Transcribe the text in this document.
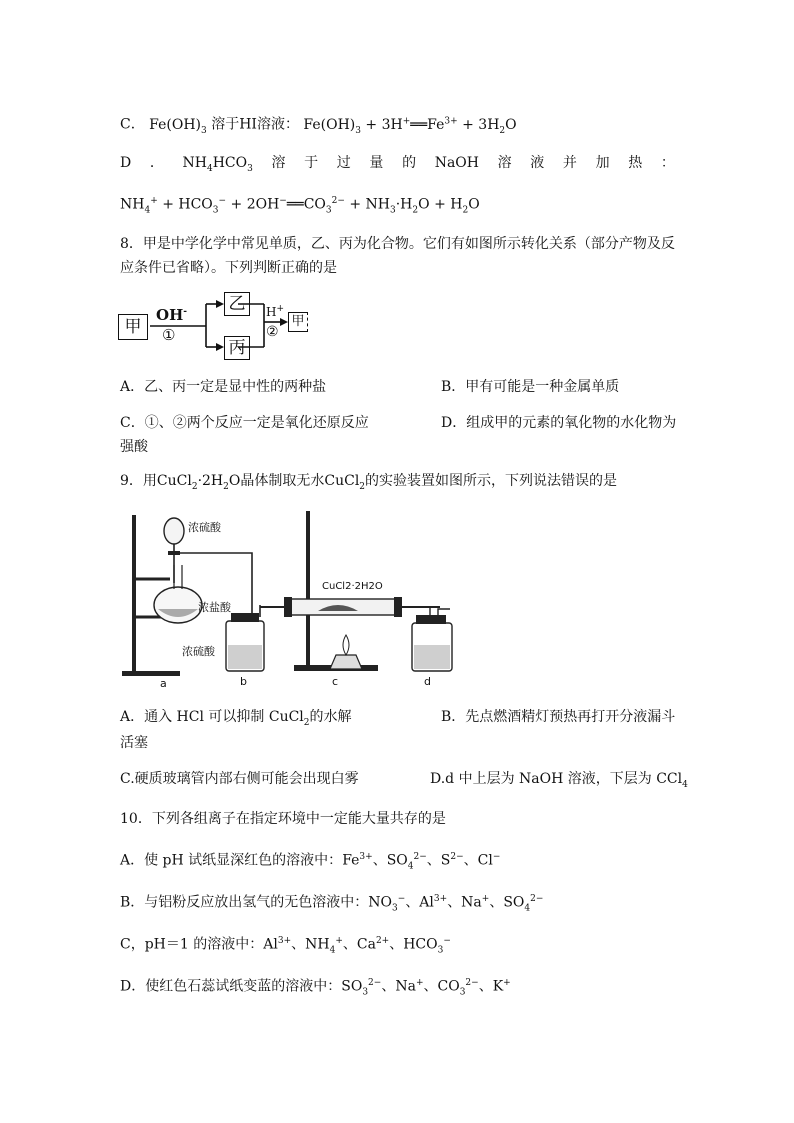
C． $Fe(OH)_3$ 溶于HI溶液： $Fe(OH)_3$ + $3H^+══Fe^{3+} + 3H_2O$
D ． $NH_4HCO_3$ 溶 于 过 量 的 NaOH 溶 液 并 加 热 ：
$NH_4^+ + HCO_3^-$ + $2OH^-══CO_3^{2-} + NH_3\cdot H_2O + H_2O$
8．甲是中学化学中常见单质，乙、丙为化合物。它们有如图所示转化关系（部分产物及反应条件已省略）。下列判断正确的是
甲
乙
丙
甲
OH-
①
H+
②
A．乙、丙一定是显中性的两种盐	B．甲有可能是一种金属单质
C．①、②两个反应一定是氧化还原反应	D．组成甲的元素的氧化物的水化物为
强酸
9．用$CuCl_2\cdot 2H_2O$晶体制取无水CuCl$_2$的实验装置如图所示，下列说法错误的是
浓硫酸
浓盐酸
浓硫酸
CuCl2·2H2O
a	b	c	d
A．通入 HCl 可以抑制 CuCl$_2$的水解	B．先点燃酒精灯预热再打开分液漏斗
活塞
C.硬质玻璃管内部右侧可能会出现白雾	D.d 中上层为 NaOH 溶液，下层为 CCl$_4$
10．下列各组离子在指定环境中一定能大量共存的是
A．使 pH 试纸显深红色的溶液中：$Fe^{3+}$、$SO_4^{2-}$、$S^{2-}$、Cl−
B．与铝粉反应放出氢气的无色溶液中：$NO_3^-$、$Al^{3+}$、Na+、$SO_4^{2-}$
C，pH＝1 的溶液中：$Al^{3+}$、$NH_4^+$、$Ca^{2+}$、$HCO_3^-$
D．使红色石蕊试纸变蓝的溶液中：$SO_3^{2-}$、Na+、$CO_3^{2-}$、K+
